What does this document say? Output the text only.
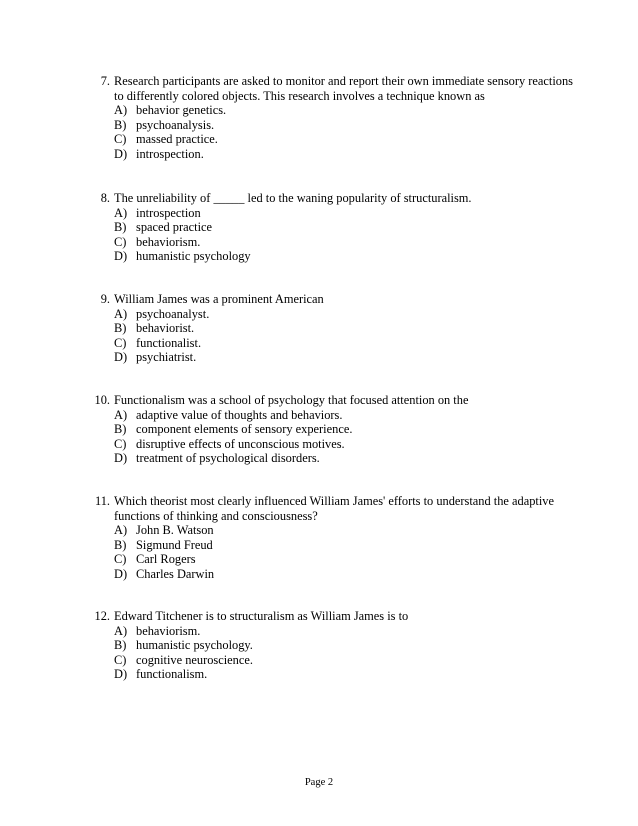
7. Research participants are asked to monitor and report their own immediate sensory reactions to differently colored objects. This research involves a technique known as
A) behavior genetics.
B) psychoanalysis.
C) massed practice.
D) introspection.
8. The unreliability of _____ led to the waning popularity of structuralism.
A) introspection
B) spaced practice
C) behaviorism.
D) humanistic psychology
9. William James was a prominent American
A) psychoanalyst.
B) behaviorist.
C) functionalist.
D) psychiatrist.
10. Functionalism was a school of psychology that focused attention on the
A) adaptive value of thoughts and behaviors.
B) component elements of sensory experience.
C) disruptive effects of unconscious motives.
D) treatment of psychological disorders.
11. Which theorist most clearly influenced William James' efforts to understand the adaptive functions of thinking and consciousness?
A) John B. Watson
B) Sigmund Freud
C) Carl Rogers
D) Charles Darwin
12. Edward Titchener is to structuralism as William James is to
A) behaviorism.
B) humanistic psychology.
C) cognitive neuroscience.
D) functionalism.
Page 2
